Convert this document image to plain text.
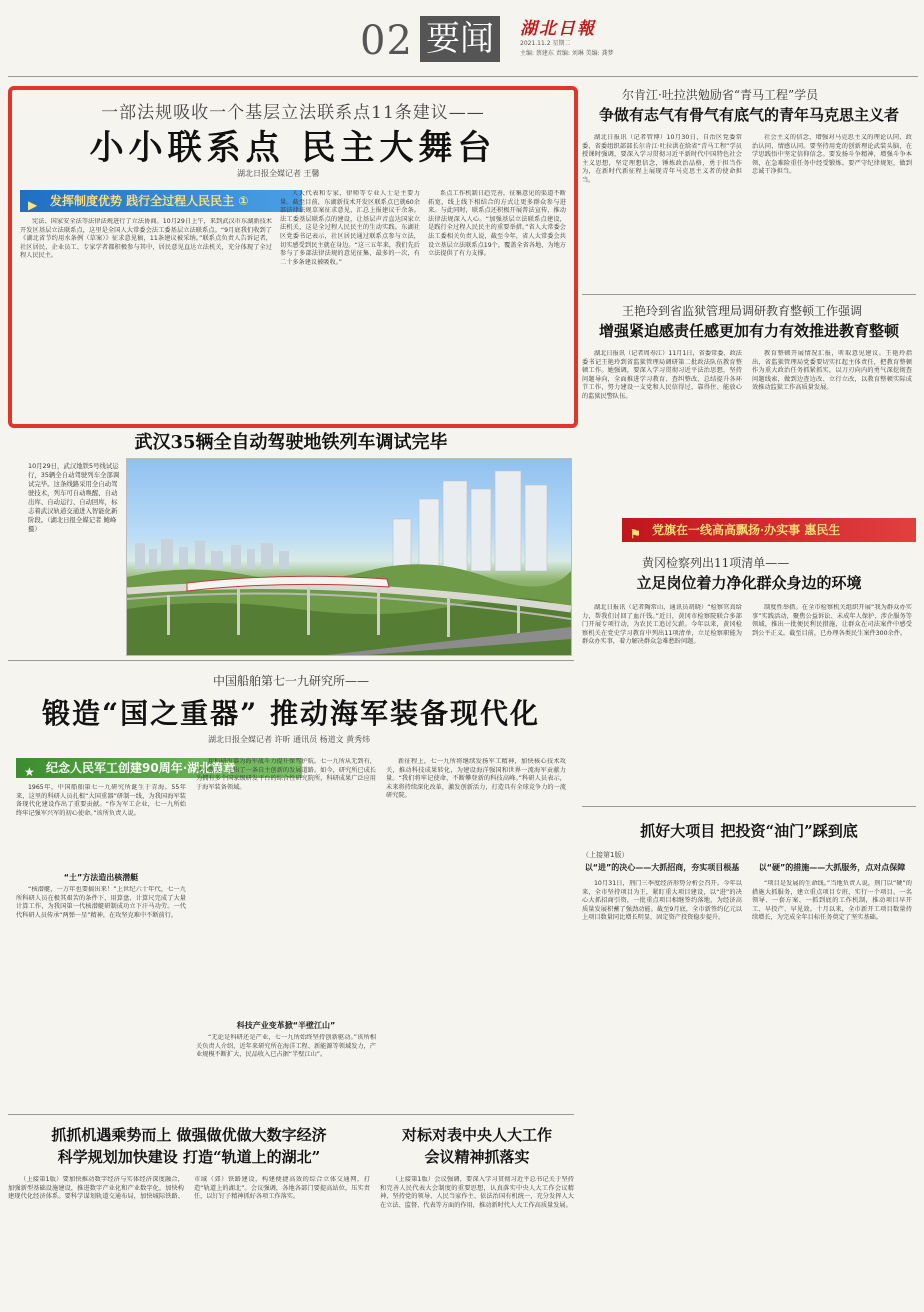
02 要闻	湖北日報
2021.11.2 星期二
主编: 蔡建东 责编: 刘琳 美编: 龚梦
一部法规吸收一个基层立法联系点11条建议——
小小联系点 民主大舞台
湖北日报全媒记者 王馨
▶ 发挥制度优势 践行全过程人民民主 ①

宪法、国家安全法等法律法规进行了立法协商。10月29日上午，来到武汉市东湖新技术开发区基层立法联系点，这里是全国人大常委会法工委基层立法联系点。“9月底我们收到了《湖北省节约用水条例（草案）》征求意见稿，11条建议被采纳。”联系点负责人告诉记者，社区居民、企业员工、专家学者都积极参与其中，居民意见直达立法机关，充分体现了全过程人民民主。

人大代表和专家，律师等专业人士是主要力量。截至目前，东湖新技术开发区联系点已就60余部法律法规草案征求意见，汇总上报建议千余条。法工委基层联系点的建设，让基层声音直达国家立法机关，这是全过程人民民主的生动实践。东湖社区党委书记表示，社区居民通过联系点参与立法，切实感受到民主就在身边。“这三五年来，我们先后参与了多部法律法规的意见征集，最多的一次，有二十多条建议被吸收。”

系点工作机制日趋完善，征集意见的渠道不断拓宽，线上线下相结合的方式让更多群众参与进来。与此同时，联系点还积极开展普法宣传，推动法律法规深入人心。“加强基层立法联系点建设，是践行全过程人民民主的重要举措。”省人大常委会法工委相关负责人说，截至今年，省人大常委会共设立基层立法联系点19个，覆盖全省各地，为地方立法提供了有力支撑。

尔肯江·吐拉洪勉励省“青马工程”学员
争做有志气有骨气有底气的青年马克思主义者

湖北日报讯（记者管博）10月30日，自治区党委常委、省委组织部部长尔肯江·吐拉洪在给省“青马工程”学员授课时强调，要深入学习贯彻习近平新时代中国特色社会主义思想，坚定理想信念，锤炼政治品格，勇于担当作为，在新时代新征程上展现青年马克思主义者的使命担当。

社会主义的信念，增强对马克思主义的理论认同、政治认同、情感认同。要坚持用党的创新理论武装头脑，在学思践悟中坚定信仰信念。要发扬斗争精神，增强斗争本领，在急难险重任务中经受锻炼。要严守纪律规矩，做到忠诚干净担当。

王艳玲到省监狱管理局调研教育整顿工作强调
增强紧迫感责任感更加有力有效推进教育整顿

湖北日报讯（记者周寿江）11月1日，省委常委、政法委书记王艳玲到省监狱管理局调研第二批政法队伍教育整顿工作。她强调，要深入学习贯彻习近平法治思想，坚持问题导向，全面推进学习教育、查纠整改、总结提升各环节工作，努力建设一支党和人民信得过、靠得住、能放心的监狱民警队伍。

教育整顿开展情况汇报，听取意见建议。王艳玲指出，省监狱管理局党委要切实扛起主体责任，把教育整顿作为重大政治任务抓紧抓实，以刀刃向内的勇气深挖彻查问题线索，做到边查边改、立行立改，以教育整顿实际成效推动监狱工作高质量发展。

⚑ 党旗在一线高高飘扬·办实事 惠民生
黄冈检察列出11项清单——
立足岗位着力净化群众身边的环境

湖北日报讯（记者陶常山、通讯员胡晓）“检察官真给力，帮我们讨回了血汗钱。”近日，黄冈市检察院联合多部门开展专项行动，为农民工追讨欠薪。今年以来，黄冈检察机关在党史学习教育中列出11项清单，立足检察职能为群众办实事，着力解决群众急难愁盼问题。

制度性举措。在全市检察机关组织开展“我为群众办实事”实践活动，聚焦公益诉讼、未成年人保护、涉企服务等领域，推出一批便民利民措施，让群众在司法案件中感受到公平正义。截至目前，已办理各类民生案件300余件。

武汉35辆全自动驾驶地铁列车调试完毕
10月29日，武汉地铁5号线试运行，35辆全自动驾驶列车全部调试完毕。这条线路采用全自动驾驶技术，列车可自动唤醒、自动出库、自动运行、自动回库，标志着武汉轨道交通进入智能化新阶段。（湖北日报全媒记者 鲍峰 摄）
中国船舶第七一九研究所——
锻造“国之重器” 推动海军装备现代化
湖北日报全媒记者 许昕 通讯员 杨道文 黄秀炜
★ 纪念人民军工创建90周年·湖北篇章

1965年，中国船舶第七一九研究所诞生于青海。55年来，这里的科研人员扎根“大国重器”研制一线，为我国海军装备现代化建设作出了重要贡献。“作为军工企业，七一九所始终牢记强军兴军的初心使命。”该所负责人说。

“土”方法造出核潜艇

“核潜艇，一万年也要搞出来！”上世纪六十年代，七一九所科研人员在极其艰苦的条件下，用算盘、计算尺完成了大量计算工作，为我国第一代核潜艇研制成功立下汗马功劳。一代代科研人员传承“两弹一星”精神，在攻坚克难中不断前行。

用科研重器为海军战斗力提升保驾护航。七一九所从无到有，从小到大，走出了一条自主创新的发展道路。如今，研究所已成长为拥有多个国家级研发平台的综合性研究院所，科研成果广泛应用于海军装备领域。

科技产业变革掀“半壁江山”

“无论是科研还是产业，七一九所始终坚持创新驱动。”该所相关负责人介绍，近年来研究所在海洋工程、新能源等领域发力，产业规模不断扩大，民品收入已占据“半壁江山”。

新征程上，七一九所将继续发扬军工精神，加快核心技术攻关，推动科技成果转化，为建设海洋强国和世界一流海军贡献力量。“我们将牢记使命，不断攀登新的科技高峰。”科研人员表示，未来将持续深化改革，激发创新活力，打造具有全球竞争力的一流研究院。

抓好大项目 把投资“油门”踩到底
（上接第1版）
以“进”的决心——大抓招商，夯实项目根基	以“硬”的措施——大抓服务，点对点保障

10月31日，荆门三季度经济形势分析会召开。今年以来，全市坚持项目为王，紧盯重大项目建设，以“进”的决心大抓招商引资，一批重点项目相继签约落地，为经济高质量发展积蓄了强劲动能。截至9月底，全市新签约亿元以上项目数量同比增长明显，固定资产投资稳步提升。

“项目是发展的生命线。”当地负责人说，荆门以“硬”的措施大抓服务，建立重点项目专班，实行一个项目、一名领导、一套方案、一抓到底的工作机制，推动项目早开工、早投产、早见效。十月以来，全市新开工项目数量持续增长，为完成全年目标任务奠定了坚实基础。

抓抓机遇乘势而上 做强做优做大数字经济
科学规划加快建设 打造“轨道上的湖北”

（上接第1版）要加快推动数字经济与实体经济深度融合，加强新型基础设施建设，推进数字产业化和产业数字化，加快构建现代化经济体系。要科学谋划轨道交通布局，加快城际铁路、市域（郊）铁路建设，构建便捷高效的综合立体交通网，打造“轨道上的湖北”。会议强调，各地各部门要提高站位，压实责任，以钉钉子精神抓好各项工作落实。

对标对表中央人大工作
会议精神抓落实

（上接第1版）会议强调，要深入学习贯彻习近平总书记关于坚持和完善人民代表大会制度的重要思想，认真落实中央人大工作会议精神，坚持党的领导、人民当家作主、依法治国有机统一，充分发挥人大在立法、监督、代表等方面的作用，推动新时代人大工作高质量发展。
